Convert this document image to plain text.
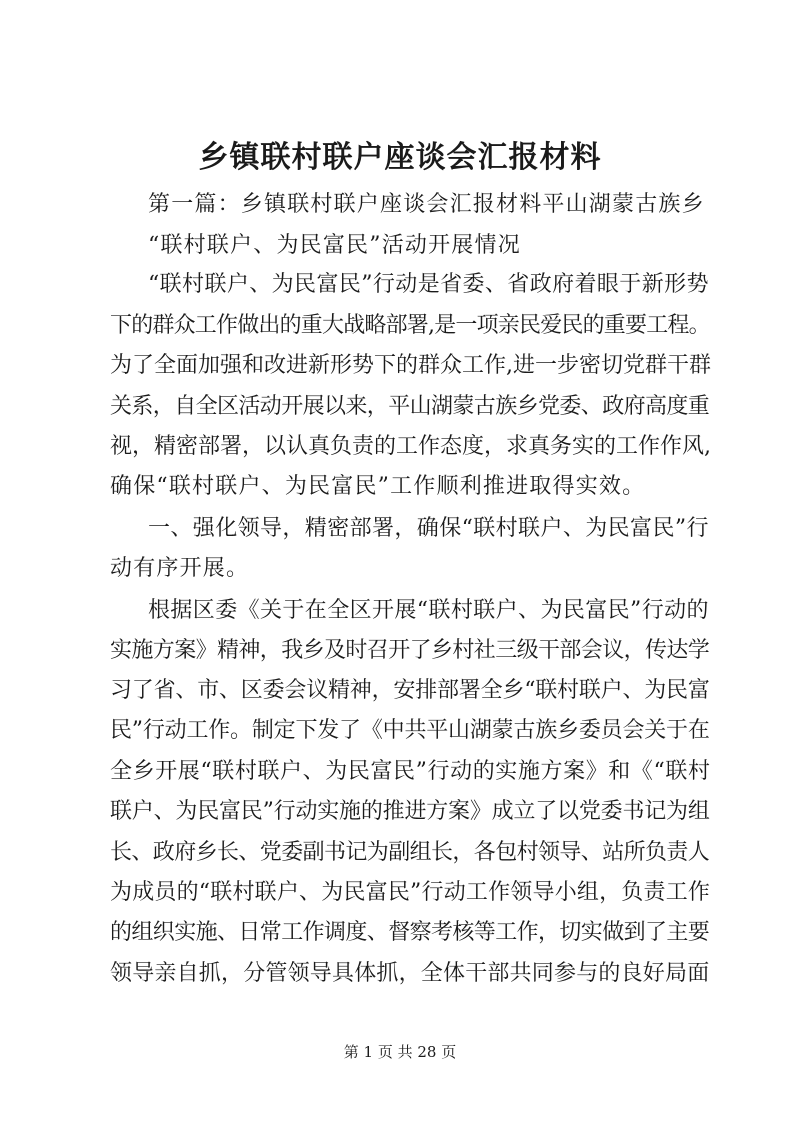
乡镇联村联户座谈会汇报材料
第一篇：乡镇联村联户座谈会汇报材料平山湖蒙古族乡
“联村联户、为民富民”活动开展情况
“联村联户、为民富民”行动是省委、省政府着眼于新形势
下的群众工作做出的重大战略部署,是一项亲民爱民的重要工程。
为了全面加强和改进新形势下的群众工作,进一步密切党群干群
关系，自全区活动开展以来，平山湖蒙古族乡党委、政府高度重
视，精密部署，以认真负责的工作态度，求真务实的工作作风,
确保“联村联户、为民富民”工作顺利推进取得实效。
一、强化领导，精密部署，确保“联村联户、为民富民”行
动有序开展。
根据区委《关于在全区开展“联村联户、为民富民”行动的
实施方案》精神，我乡及时召开了乡村社三级干部会议，传达学
习了省、市、区委会议精神，安排部署全乡“联村联户、为民富
民”行动工作。制定下发了《中共平山湖蒙古族乡委员会关于在
全乡开展“联村联户、为民富民”行动的实施方案》和《“联村
联户、为民富民”行动实施的推进方案》成立了以党委书记为组
长、政府乡长、党委副书记为副组长，各包村领导、站所负责人
为成员的“联村联户、为民富民”行动工作领导小组，负责工作
的组织实施、日常工作调度、督察考核等工作，切实做到了主要
领导亲自抓，分管领导具体抓，全体干部共同参与的良好局面
第 1 页 共 28 页
